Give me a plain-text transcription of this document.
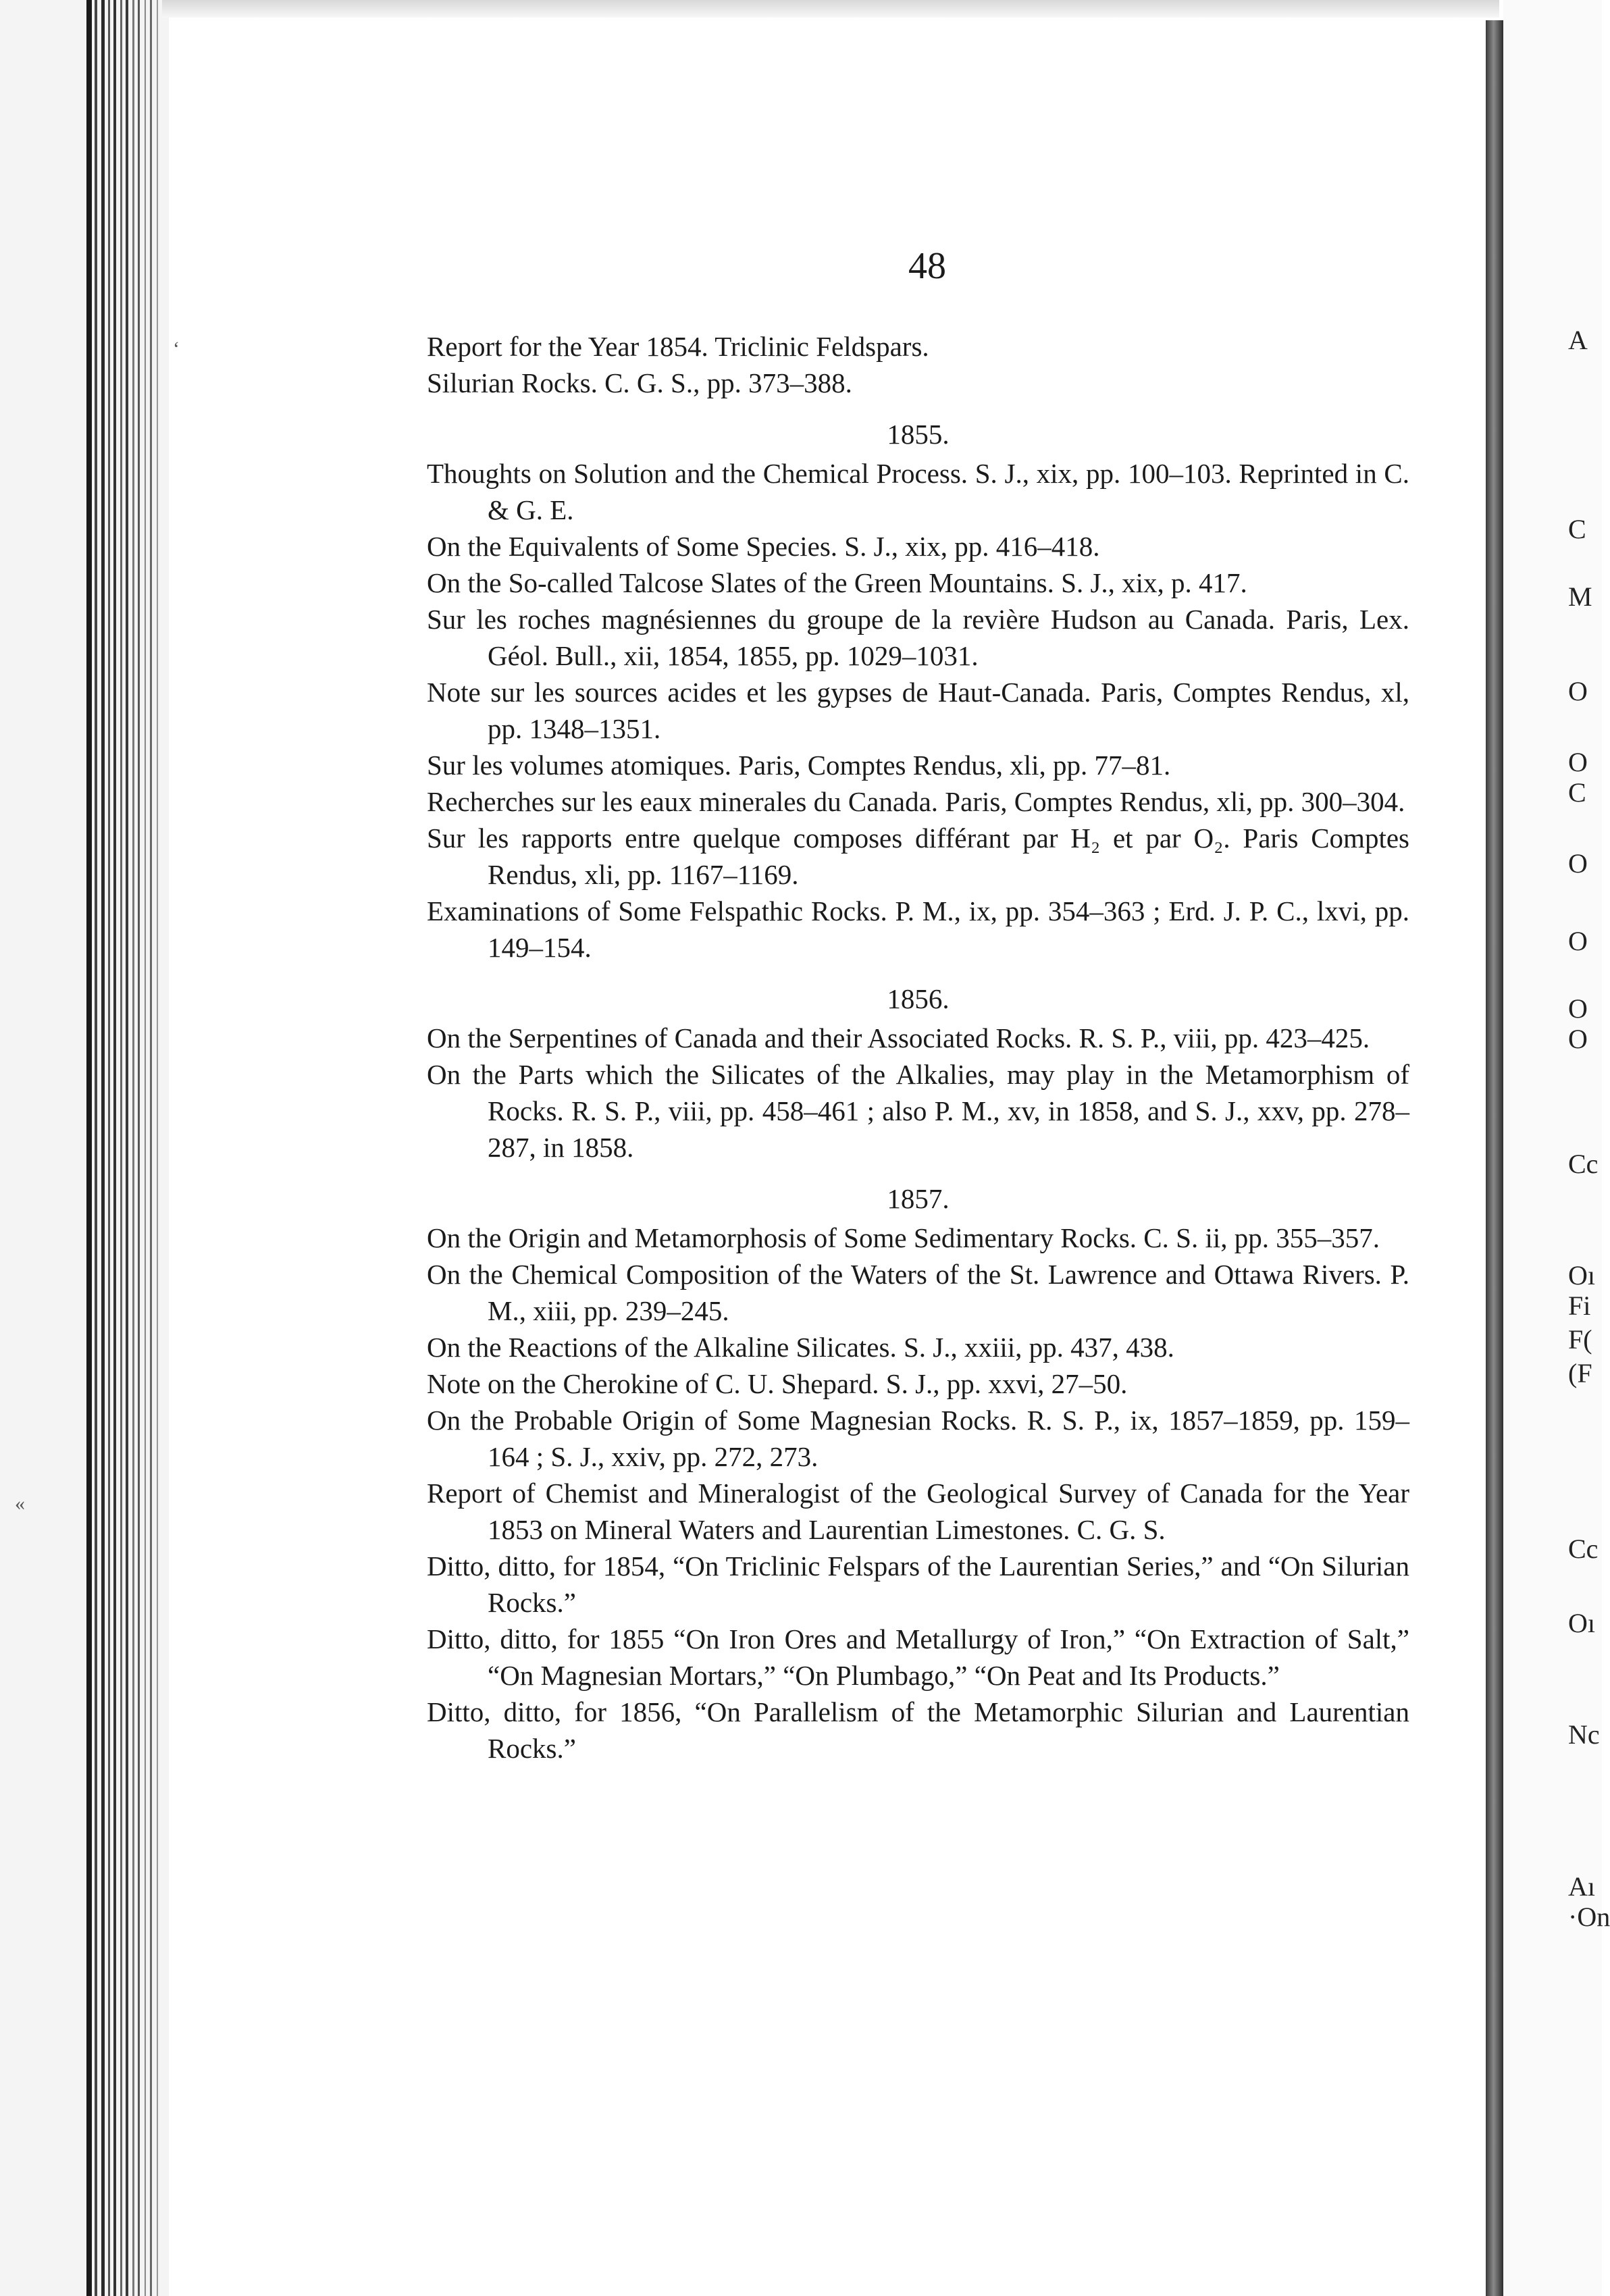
A
C
M
O
O
C
O
O
O
O
Cc
Oı
Fi
F(
(F
Cc
Oı
Nc
Aı
·On
48
Report for the Year 1854. Triclinic Feldspars.
Silurian Rocks. C. G. S., pp. 373–388.
1855.
Thoughts on Solution and the Chemical Process. S. J., xix, pp. 100–103. Reprinted in C. & G. E.
On the Equivalents of Some Species. S. J., xix, pp. 416–418.
On the So-called Talcose Slates of the Green Mountains. S. J., xix, p. 417.
Sur les roches magnésiennes du groupe de la revière Hudson au Canada. Paris, Lex. Géol. Bull., xii, 1854, 1855, pp. 1029–1031.
Note sur les sources acides et les gypses de Haut-Canada. Paris, Comptes Rendus, xl, pp. 1348–1351.
Sur les volumes atomiques. Paris, Comptes Rendus, xli, pp. 77–81.
Recherches sur les eaux minerales du Canada. Paris, Comptes Rendus, xli, pp. 300–304.
Sur les rapports entre quelque composes différant par H₂ et par O₂. Paris Comptes Rendus, xli, pp. 1167–1169.
Examinations of Some Felspathic Rocks. P. M., ix, pp. 354–363 ; Erd. J. P. C., lxvi, pp. 149–154.
1856.
On the Serpentines of Canada and their Associated Rocks. R. S. P., viii, pp. 423–425.
On the Parts which the Silicates of the Alkalies, may play in the Metamorphism of Rocks. R. S. P., viii, pp. 458–461 ; also P. M., xv, in 1858, and S. J., xxv, pp. 278–287, in 1858.
1857.
On the Origin and Metamorphosis of Some Sedimentary Rocks. C. S. ii, pp. 355–357.
On the Chemical Composition of the Waters of the St. Lawrence and Ottawa Rivers. P. M., xiii, pp. 239–245.
On the Reactions of the Alkaline Silicates. S. J., xxiii, pp. 437, 438.
Note on the Cherokine of C. U. Shepard. S. J., pp. xxvi, 27–50.
On the Probable Origin of Some Magnesian Rocks. R. S. P., ix, 1857–1859, pp. 159–164 ; S. J., xxiv, pp. 272, 273.
Report of Chemist and Mineralogist of the Geological Survey of Canada for the Year 1853 on Mineral Waters and Laurentian Limestones. C. G. S.
Ditto, ditto, for 1854, “On Triclinic Felspars of the Laurentian Series,” and “On Silurian Rocks.”
Ditto, ditto, for 1855 “On Iron Ores and Metallurgy of Iron,” “On Extraction of Salt,” “On Magnesian Mortars,” “On Plumbago,” “On Peat and Its Products.”
Ditto, ditto, for 1856, “On Parallelism of the Metamorphic Silurian and Laurentian Rocks.”
‘
«
